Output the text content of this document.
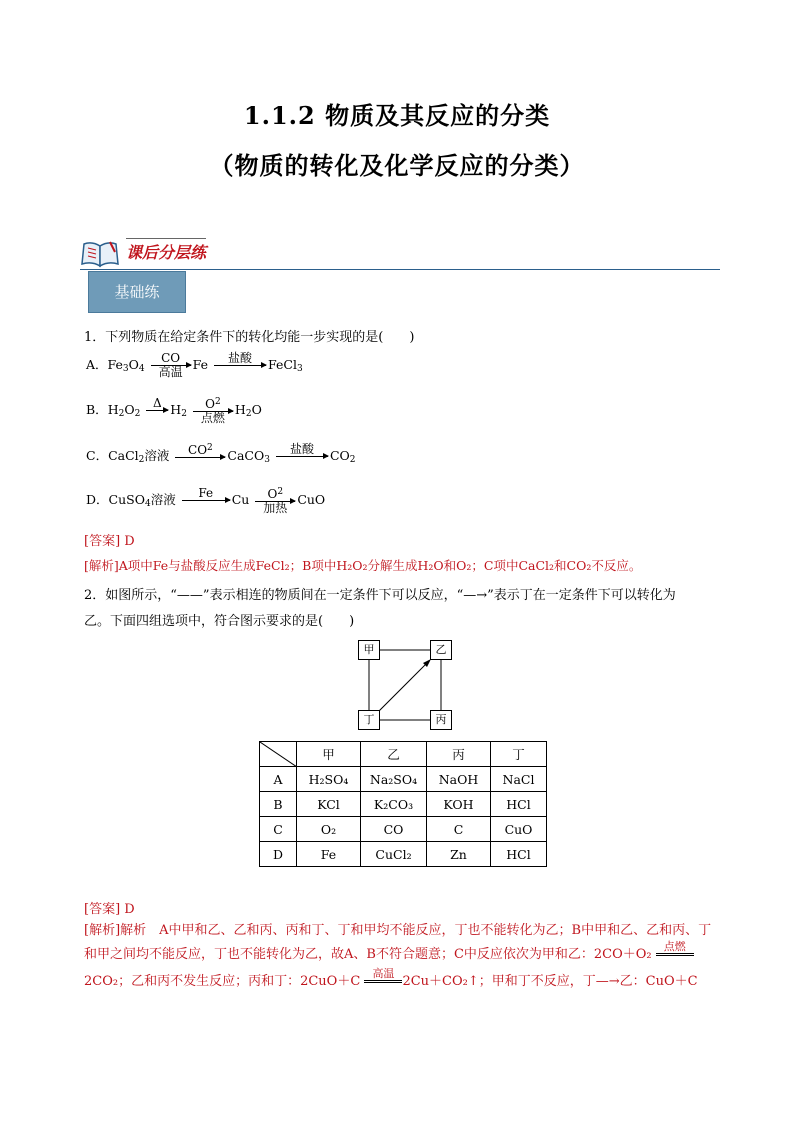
1.1.2 物质及其反应的分类
（物质的转化及化学反应的分类）
课后分层练
基础练
1．下列物质在给定条件下的转化均能一步实现的是(　　)
A．$Fe_3O_4$
CO
高温 Fe	盐酸
	FeCl$_3$
B．$H_2O_2$
Δ
$H_2$
$O^2$
点燃
$H_2O$
C．CaCl$_2$溶液	$CO^2$
	CaCO$_3$
盐酸
	$CO_2$
D．CuSO$_4$溶液	Fe
	Cu	$O^2$
加热
CuO
[答案] D
[解析]A项中Fe与盐酸反应生成FeCl₂；B项中H₂O₂分解生成H₂O和O₂；C项中CaCl₂和CO₂不反应。
2．如图所示，“——”表示相连的物质间在一定条件下可以反应，“—→”表示丁在一定条件下可以转化为
乙。下面四组选项中，符合图示要求的是(　　)
甲	乙
丁	丙
	甲	乙	丙	丁
A	H₂SO₄	Na₂SO₄	NaOH	NaCl
B	KCl	K₂CO₃	KOH	HCl
C	O₂	CO	C	CuO
D	Fe	CuCl₂	Zn	HCl
[答案] D
[解析]解析　A中甲和乙、乙和丙、丙和丁、丁和甲均不能反应，丁也不能转化为乙；B中甲和乙、乙和丙、丁和甲之间均不能反应，丁也不能转化为乙，故A、B不符合题意；C中反应依次为甲和乙：2CO＋O₂
点燃

2CO₂；乙和丙不发生反应；丙和丁：2CuO＋C
高温

2Cu＋CO₂↑；甲和丁不反应，丁—→乙：CuO＋C
